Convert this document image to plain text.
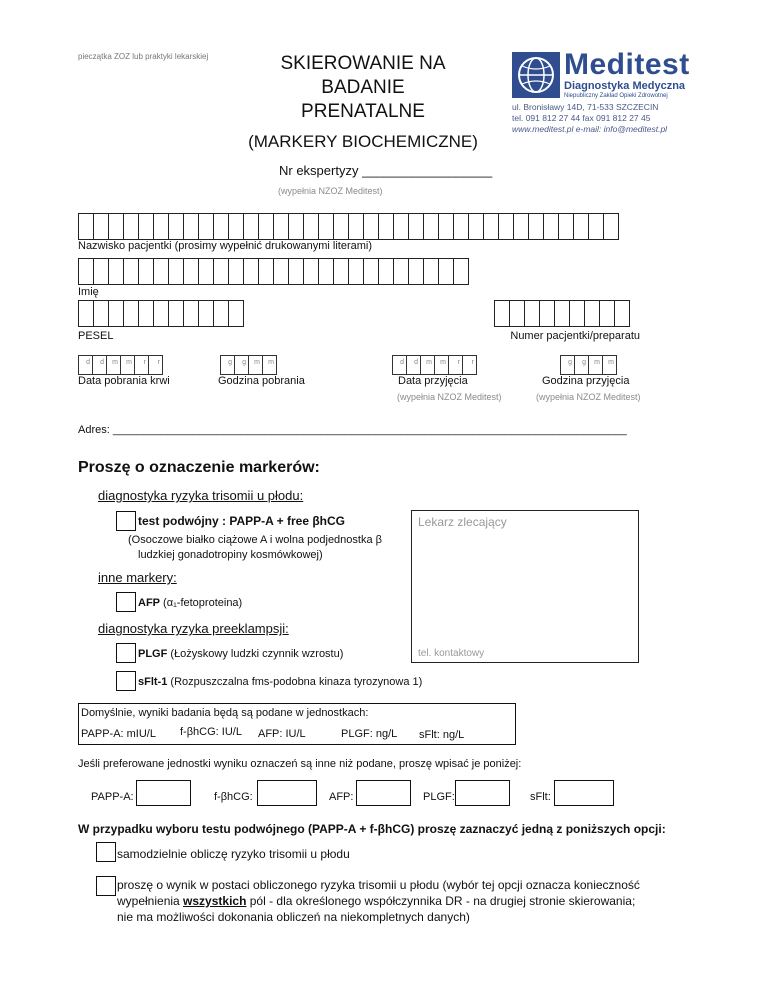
pieczątka ZOZ lub praktyki lekarskiej	SKIEROWANIE NA BADANIE
PRENATALNE
(MARKERY BIOCHEMICZNE)
Meditest
Diagnostyka Medyczna
Niepubliczny Zakład Opieki Zdrowotnej
ul. Bronisławy 14D, 71-533 SZCZECIN
tel. 091 812 27 44 fax 091 812 27 45
www.meditest.pl e-mail: info@meditest.pl
Nr ekspertyzy __________________
(wypełnia NZOZ Meditest)
Nazwisko pacjentki (prosimy wypełnić drukowanymi literami)
Imię
PESEL	Numer pacjentki/preparatu
d	d	m	m	r	r
Data pobrania krwi
g	g	m	m
Godzina pobrania
d	d	m	m	r	r
Data przyjęcia
(wypełnia NZOZ Meditest)
g	g	m	m
Godzina przyjęcia
(wypełnia NZOZ Meditest)
Adres: ____________________________________________________________________________________
Proszę o oznaczenie markerów:
diagnostyka ryzyka trisomii u płodu:
test podwójny : PAPP-A + free βhCG
(Osoczowe białko ciążowe A i wolna podjednostka β
ludzkiej gonadotropiny kosmówkowej)
inne markery:
AFP (α₁-fetoproteina)
diagnostyka ryzyka preeklampsji:
PLGF (Łożyskowy ludzki czynnik wzrostu)
sFlt-1 (Rozpuszczalna fms-podobna kinaza tyrozynowa 1)
Lekarz zlecający
tel. kontaktowy
Domyślnie, wyniki badania będą są podane w jednostkach:
PAPP-A: mIU/L f-βhCG: IU/L AFP: IU/L	PLGF: ng/L sFlt: ng/L
Jeśli preferowane jednostki wyniku oznaczeń są inne niż podane, proszę wpisać je poniżej:
PAPP-A:	f-βhCG:	AFP:	PLGF:	sFlt:
W przypadku wyboru testu podwójnego (PAPP-A + f-βhCG) proszę zaznaczyć jedną z poniższych opcji:
samodzielnie obliczę ryzyko trisomii u płodu
proszę o wynik w postaci obliczonego ryzyka trisomii u płodu (wybór tej opcji oznacza konieczność
wypełnienia wszystkich pól - dla określonego współczynnika DR - na drugiej stronie skierowania;
nie ma możliwości dokonania obliczeń na niekompletnych danych)
